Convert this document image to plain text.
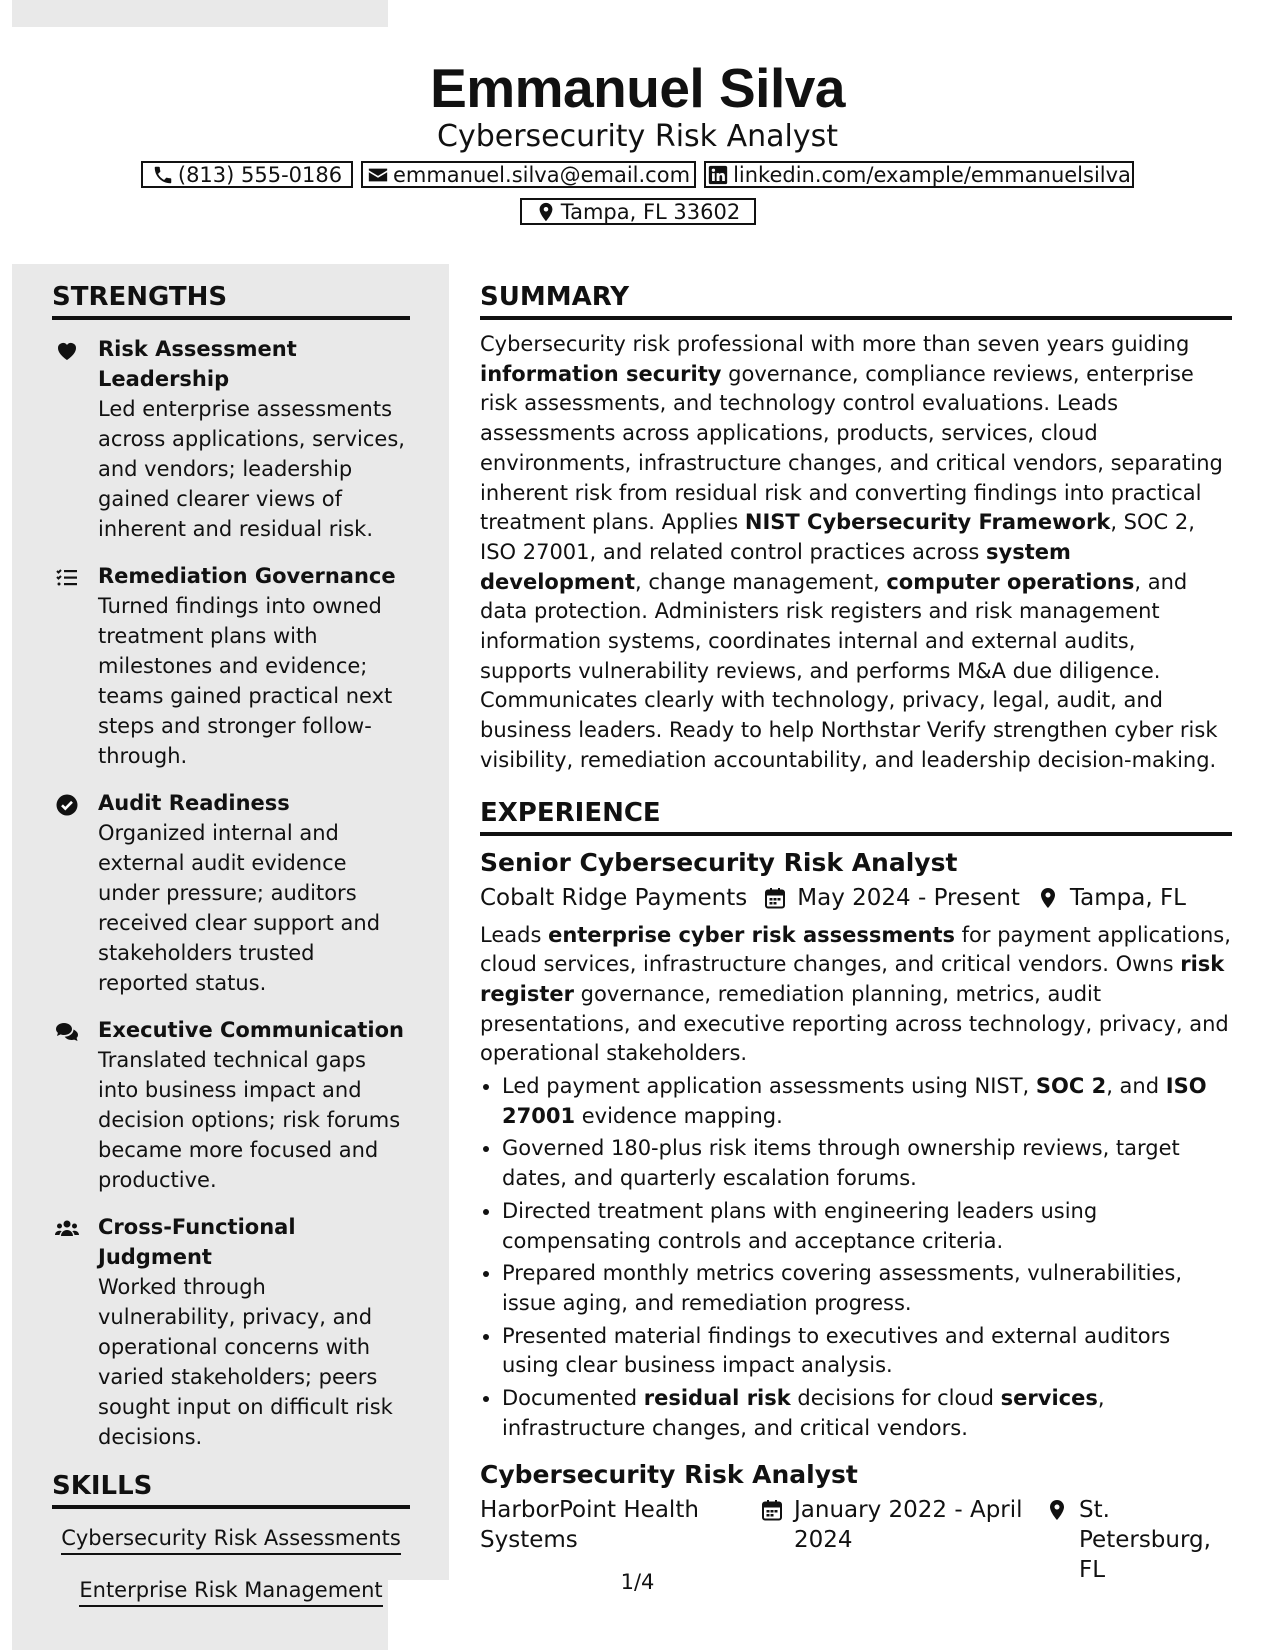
Emmanuel Silva
Cybersecurity Risk Analyst
(813) 555-0186 emmanuel.silva@email.com linkedin.com/example/emmanuelsilva
Tampa, FL 33602
STRENGTHS
Risk Assessment Leadership
Led enterprise assessments across applications, services, and vendors; leadership gained clearer views of inherent and residual risk.
Remediation Governance
Turned findings into owned treatment plans with milestones and evidence; teams gained practical next steps and stronger follow-through.
Audit Readiness
Organized internal and external audit evidence under pressure; auditors received clear support and stakeholders trusted reported status.
Executive Communication
Translated technical gaps into business impact and decision options; risk forums became more focused and productive.
Cross-Functional Judgment
Worked through vulnerability, privacy, and operational concerns with varied stakeholders; peers sought input on difficult risk decisions.
SKILLS
Cybersecurity Risk Assessments
Enterprise Risk Management
SUMMARY
Cybersecurity risk professional with more than seven years guiding information security governance, compliance reviews, enterprise risk assessments, and technology control evaluations. Leads assessments across applications, products, services, cloud environments, infrastructure changes, and critical vendors, separating inherent risk from residual risk and converting findings into practical treatment plans. Applies NIST Cybersecurity Framework, SOC 2, ISO 27001, and related control practices across system development, change management, computer operations, and data protection. Administers risk registers and risk management information systems, coordinates internal and external audits, supports vulnerability reviews, and performs M&A due diligence. Communicates clearly with technology, privacy, legal, audit, and business leaders. Ready to help Northstar Verify strengthen cyber risk visibility, remediation accountability, and leadership decision-making.
EXPERIENCE
Senior Cybersecurity Risk Analyst
Cobalt Ridge Payments May 2024 - Present Tampa, FL
Leads enterprise cyber risk assessments for payment applications, cloud services, infrastructure changes, and critical vendors. Owns risk register governance, remediation planning, metrics, audit presentations, and executive reporting across technology, privacy, and operational stakeholders.
• Led payment application assessments using NIST, SOC 2, and ISO 27001 evidence mapping.
• Governed 180-plus risk items through ownership reviews, target dates, and quarterly escalation forums.
• Directed treatment plans with engineering leaders using compensating controls and acceptance criteria.
• Prepared monthly metrics covering assessments, vulnerabilities, issue aging, and remediation progress.
• Presented material findings to executives and external auditors using clear business impact analysis.
• Documented residual risk decisions for cloud services, infrastructure changes, and critical vendors.
Cybersecurity Risk Analyst
HarborPoint Health Systems
January 2022 - April 2024
St. Petersburg, FL
1/4
